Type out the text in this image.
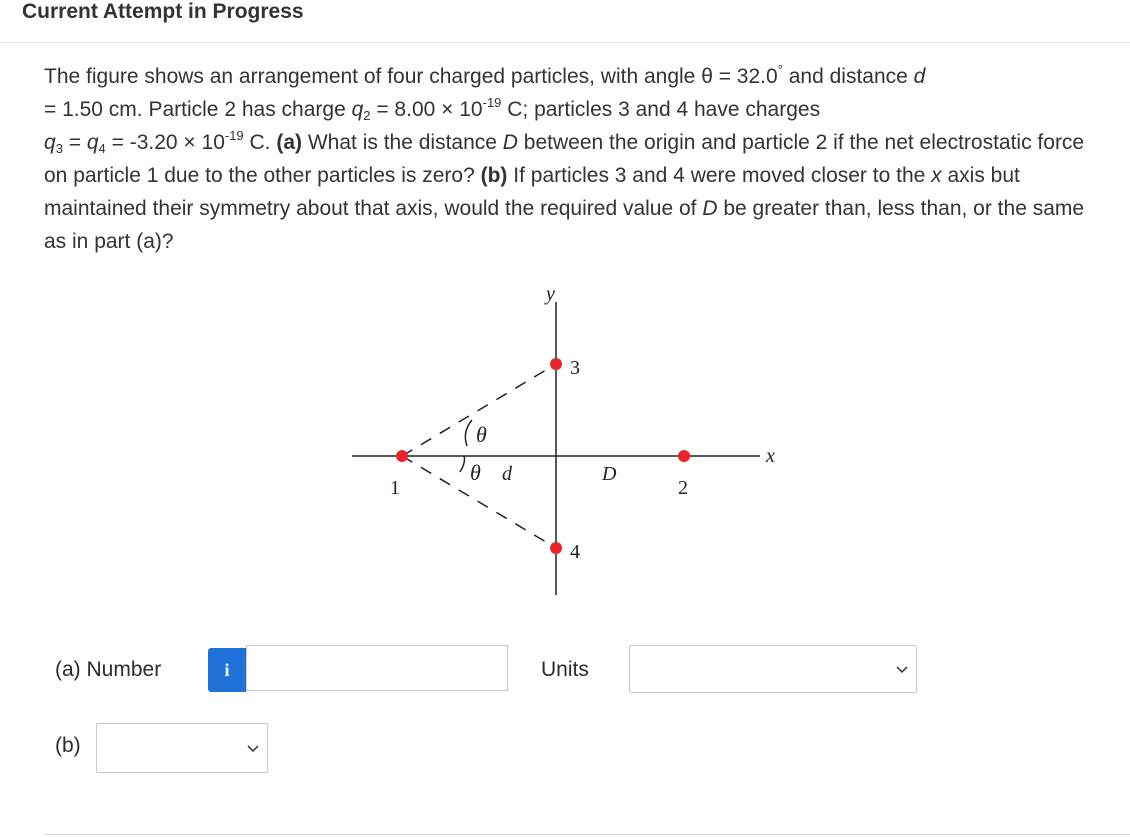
Current Attempt in Progress
The figure shows an arrangement of four charged particles, with angle θ = 32.0° and distance d
= 1.50 cm. Particle 2 has charge $q_2 = 8.00 \times 10^{-19}$ C; particles 3 and 4 have charges
$q_3 = q_4 = -3.20 \times 10^{-19}$ C. (a) What is the distance D between the origin and particle 2 if the net electrostatic force on particle 1 due to the other particles is zero? (b) If particles 3 and 4 were moved closer to the x axis but maintained their symmetry about that axis, would the required value of D be greater than, less than, or the same as in part (a)?
y
x
1	2
3
4
θ
θ d	D
(a) Number	i	Units
(b)
